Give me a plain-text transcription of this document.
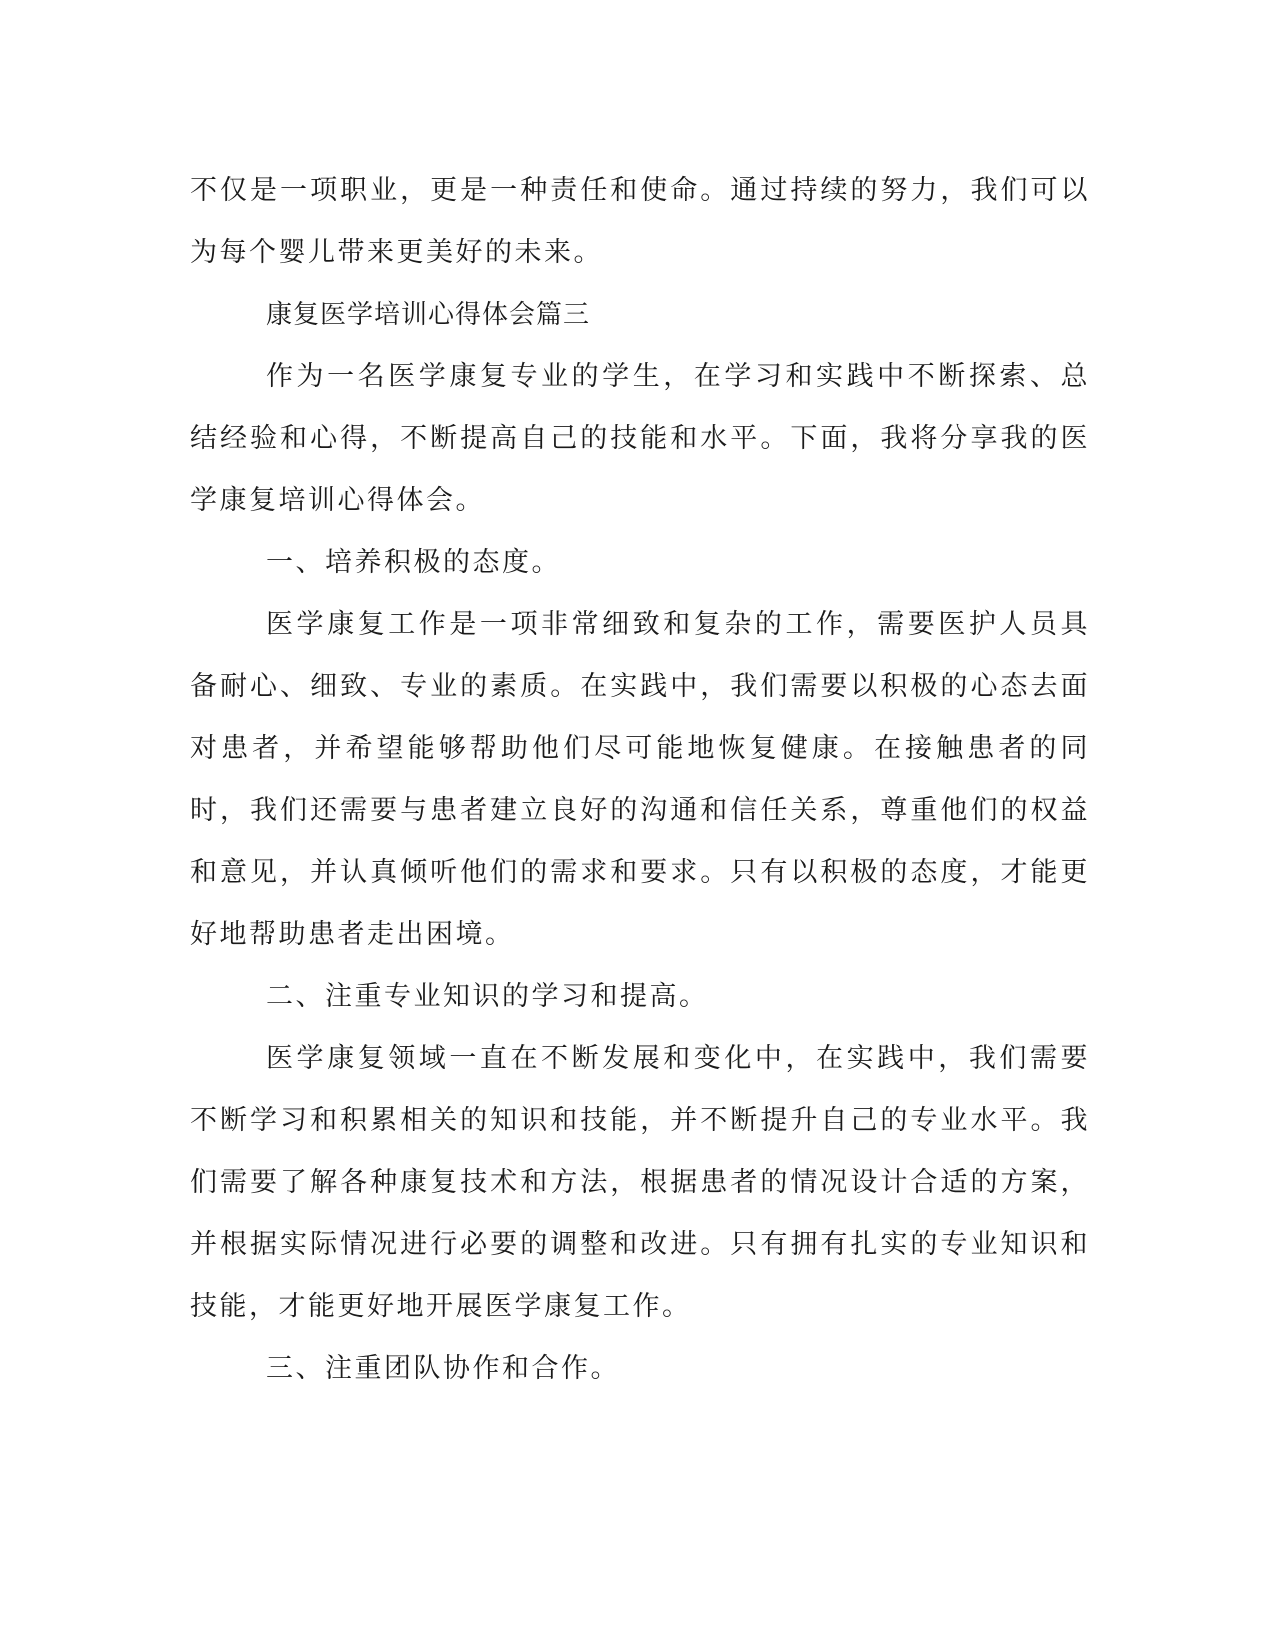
不仅是一项职业，更是一种责任和使命。通过持续的努力，我们可以为每个婴儿带来更美好的未来。

康复医学培训心得体会篇三

作为一名医学康复专业的学生，在学习和实践中不断探索、总结经验和心得，不断提高自己的技能和水平。下面，我将分享我的医学康复培训心得体会。

一、培养积极的态度。

医学康复工作是一项非常细致和复杂的工作，需要医护人员具备耐心、细致、专业的素质。在实践中，我们需要以积极的心态去面对患者，并希望能够帮助他们尽可能地恢复健康。在接触患者的同时，我们还需要与患者建立良好的沟通和信任关系，尊重他们的权益和意见，并认真倾听他们的需求和要求。只有以积极的态度，才能更好地帮助患者走出困境。

二、注重专业知识的学习和提高。

医学康复领域一直在不断发展和变化中，在实践中，我们需要不断学习和积累相关的知识和技能，并不断提升自己的专业水平。我们需要了解各种康复技术和方法，根据患者的情况设计合适的方案，并根据实际情况进行必要的调整和改进。只有拥有扎实的专业知识和技能，才能更好地开展医学康复工作。

三、注重团队协作和合作。
